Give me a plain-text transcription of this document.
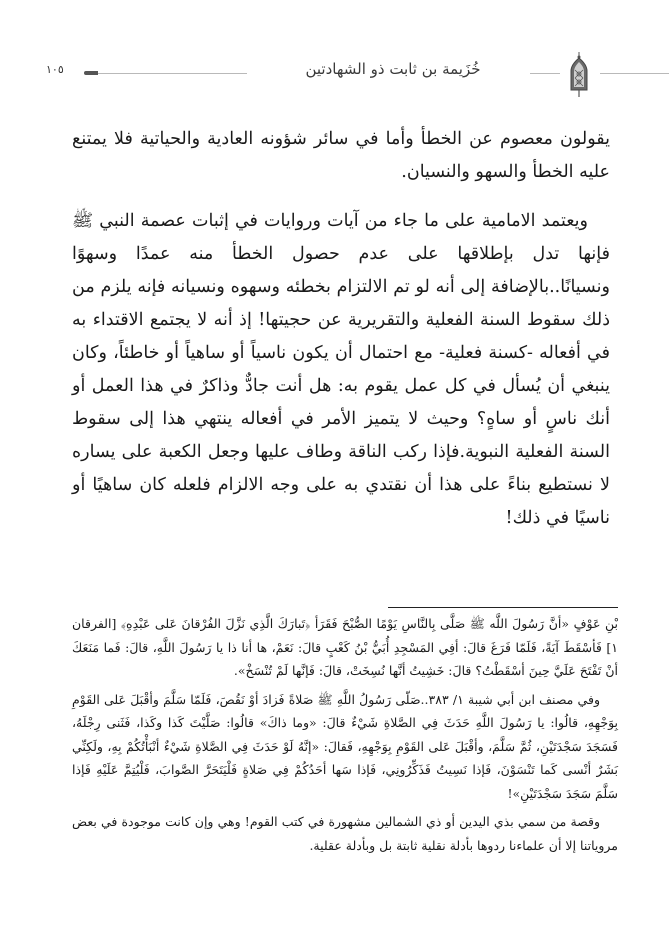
خُزَيمة بن ثابت ذو الشهادتين
١٠٥

يقولون معصوم عن الخطأ وأما في سائر شؤونه العادية والحياتية فلا يمتنع عليه الخطأ والسهو والنسيان.

ويعتمد الامامية على ما جاء من آيات وروايات في إثبات عصمة النبي ﷺ فإنها تدل بإطلاقها على عدم حصول الخطأ منه عمدًا وسهوًا ونسيانًا..بالإضافة إلى أنه لو تم الالتزام بخطئه وسهوه ونسيانه فإنه يلزم من ذلك سقوط السنة الفعلية والتقريرية عن حجيتها! إذ أنه لا يجتمع الاقتداء به في أفعاله -كسنة فعلية- مع احتمال أن يكون ناسياً أو ساهياً أو خاطئاً، وكان ينبغي أن يُسأل في كل عمل يقوم به: هل أنت جادٌّ وذاكرٌ في هذا العمل أو أنك ناسٍ أو ساهٍ؟ وحيث لا يتميز الأمر في أفعاله ينتهي هذا إلى سقوط السنة الفعلية النبوية.فإذا ركب الناقة وطاف عليها وجعل الكعبة على يساره لا نستطيع بناءً على هذا أن نقتدي به على وجه الالزام فلعله كان ساهيًا أو ناسيًا في ذلك!

بْنِ عَوْفٍ «أنَّ رَسُولَ اللَّه ﷺ صَلَّى بِالنَّاسِ يَوْمًا الصُّبْحَ فَقَرَأ ﴿تَبارَكَ الَّذِي نَزَّلَ الفُرْقانَ عَلى عَبْدِهِ﴾ [الفرقان ١] فَأسْقَطَ آيَةً، فَلَمّا فَرَغَ قالَ: أفِي المَسْجِدِ أُبَيُّ بْنُ كَعْبٍ قالَ: نَعَمْ، ها أنا ذا يا رَسُولَ اللَّهِ، قالَ: فَما مَنَعَكَ أنْ تَفْتَحَ عَلَيَّ حِينَ أسْقَطْتُ؟ قالَ: خَشِيتُ أنَّها نُسِخَتْ، قالَ: فَإنَّها لَمْ تُنْسَخْ».

وفي مصنف ابن أبي شيبة ١/ ٣٨٣..صَلّى رَسُولُ اللَّهِ ﷺ صَلاةً فَزادَ أوْ نَقُصَ، فَلَمّا سَلَّمَ وأقْبَلَ عَلى القَوْمِ بِوَجْهِهِ، قالُوا: يا رَسُولَ اللَّهِ حَدَثَ فِي الصَّلاةِ شَيْءٌ قالَ: «وما ذاكَ» قالُوا: صَلَّيْتَ كَذا وكَذا، فَثَنى رِجْلَهُ، فَسَجَدَ سَجْدَتَيْنِ، ثُمَّ سَلَّمَ، وأقْبَلَ عَلى القَوْمِ بِوَجْهِهِ، فَقالَ: «إنَّهُ لَوْ حَدَثَ فِي الصَّلاةِ شَيْءٌ أنْبَأْتُكُمْ بِهِ، ولَكِنِّي بَشَرٌ أنْسى كَما تَنْسَوْنَ، فَإذا نَسِيتُ فَذَكِّرُونِي، فَإذا سَها أحَدُكُمْ فِي صَلاةٍ فَلْيَتَحَرَّ الصَّوابَ، فَلْيُتِمَّ عَلَيْهِ فَإذا سَلَّمَ سَجَدَ سَجْدَتَيْنِ»!

وقصة من سمي بذي اليدين أو ذي الشمالين مشهورة في كتب القوم! وهي وإن كانت موجودة في بعض مروياتنا إلا أن علماءنا ردوها بأدلة نقلية ثابتة بل وبأدلة عقلية.
